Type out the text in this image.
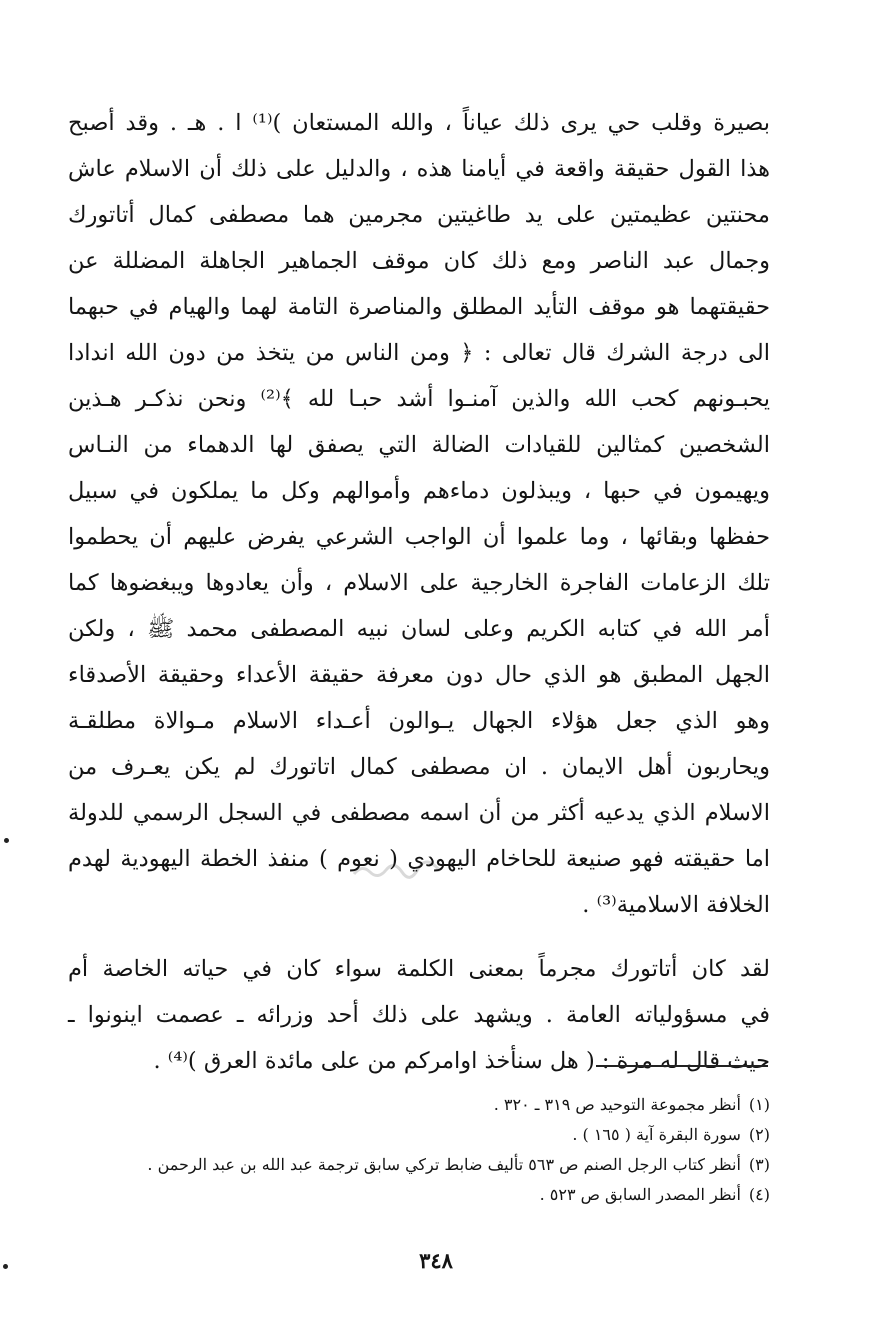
بصيرة وقلب حي يرى ذلك عياناً ، والله المستعان )⁽¹⁾ ا . هـ . وقد أصبح
هذا القول حقيقة واقعة في أيامنا هذه ، والدليل على ذلك أن الاسلام عاش
محنتين عظيمتين على يد طاغيتين مجرمين هما مصطفى كمال أتاتورك
وجمال عبد الناصر ومع ذلك كان موقف الجماهير الجاهلة المضللة عن
حقيقتهما هو موقف التأيد المطلق والمناصرة التامة لهما والهيام في حبهما
الى درجة الشرك قال تعالى : ﴿ ومن الناس من يتخذ من دون الله اندادا
يحبـونهم كحب الله والذين آمنـوا أشد حبـا لله ﴾⁽²⁾ ونحن نذكـر هـذين
الشخصين كمثالين للقيادات الضالة التي يصفق لها الدهماء من النـاس
ويهيمون في حبها ، ويبذلون دماءهم وأموالهم وكل ما يملكون في سبيل
حفظها وبقائها ، وما علموا أن الواجب الشرعي يفرض عليهم أن يحطموا
تلك الزعامات الفاجرة الخارجية على الاسلام ، وأن يعادوها ويبغضوها كما
أمر الله في كتابه الكريم وعلى لسان نبيه المصطفى محمد ﷺ ، ولكن
الجهل المطبق هو الذي حال دون معرفة حقيقة الأعداء وحقيقة الأصدقاء
وهو الذي جعل هؤلاء الجهال يـوالون أعـداء الاسلام مـوالاة مطلقـة
ويحاربون أهل الايمان . ان مصطفى كمال اتاتورك لم يكن يعـرف من
الاسلام الذي يدعيه أكثر من أن اسمه مصطفى في السجل الرسمي للدولة
اما حقيقته فهو صنيعة للحاخام اليهودي ( نعوم ) منفذ الخطة اليهودية لهدم
الخلافة الاسلامية⁽³⁾ .
لقد كان أتاتورك مجرماً بمعنى الكلمة سواء كان في حياته الخاصة أم
في مسؤولياته العامة . ويشهد على ذلك أحد وزرائه ـ عصمت اينونوا ـ
حيث قال له مرة : ( هل سنأخذ اوامركم من على مائدة العرق )⁽⁴⁾ .
(١)أنظر مجموعة التوحيد ص ٣١٩ ـ ٣٢٠ .
(٢)سورة البقرة آية ( ١٦٥ ) .
(٣)أنظر كتاب الرجل الصنم ص ٥٦٣ تأليف ضابط تركي سابق ترجمة عبد الله بن عبد الرحمن .
(٤)أنظر المصدر السابق ص ٥٢٣ .
٣٤٨
